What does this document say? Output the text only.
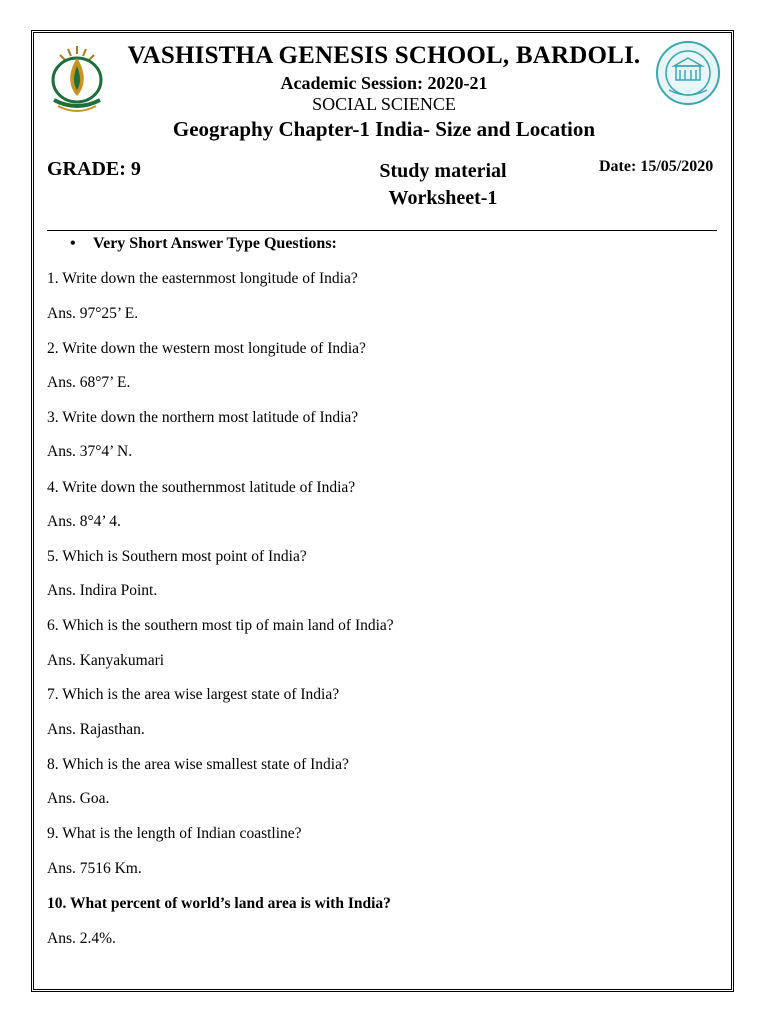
VASHISTHA GENESIS SCHOOL, BARDOLI.
Academic Session: 2020-21
SOCIAL SCIENCE
Geography Chapter-1 India- Size and Location
GRADE: 9	Study material
Worksheet-1
Date: 15/05/2020
• Very Short Answer Type Questions:
1. Write down the easternmost longitude of India?
Ans. 97°25’ E.
2. Write down the western most longitude of India?
Ans. 68°7’ E.
3. Write down the northern most latitude of India?
Ans. 37°4’ N.
4. Write down the southernmost latitude of India?
Ans. 8°4’ 4.
5. Which is Southern most point of India?
Ans. Indira Point.
6. Which is the southern most tip of main land of India?
Ans. Kanyakumari
7. Which is the area wise largest state of India?
Ans. Rajasthan.
8. Which is the area wise smallest state of India?
Ans. Goa.
9. What is the length of Indian coastline?
Ans. 7516 Km.
10. What percent of world’s land area is with India?
Ans. 2.4%.
